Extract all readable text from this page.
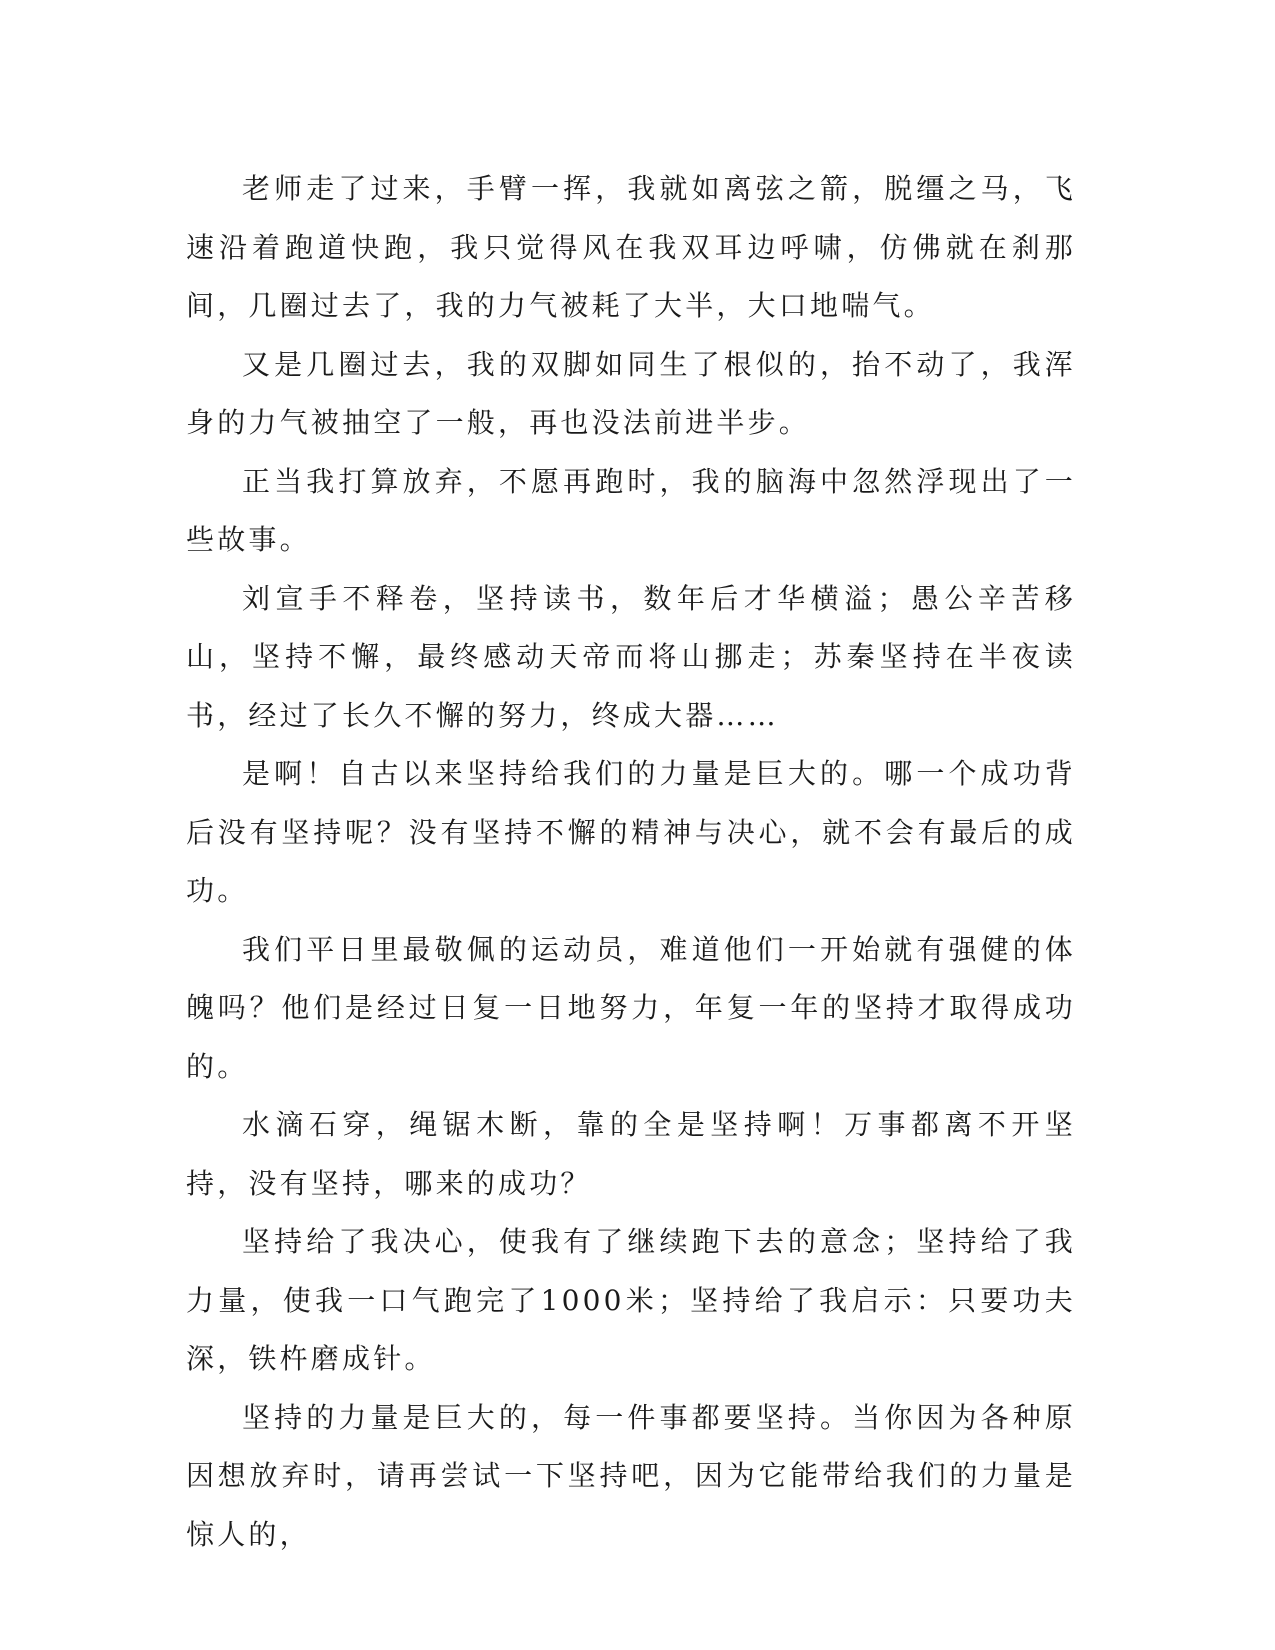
老师走了过来，手臂一挥，我就如离弦之箭，脱缰之马，飞速沿着跑道快跑，我只觉得风在我双耳边呼啸，仿佛就在刹那间，几圈过去了，我的力气被耗了大半，大口地喘气。

又是几圈过去，我的双脚如同生了根似的，抬不动了，我浑身的力气被抽空了一般，再也没法前进半步。

正当我打算放弃，不愿再跑时，我的脑海中忽然浮现出了一些故事。

刘宣手不释卷，坚持读书，数年后才华横溢；愚公辛苦移山，坚持不懈，最终感动天帝而将山挪走；苏秦坚持在半夜读书，经过了长久不懈的努力，终成大器……

是啊！自古以来坚持给我们的力量是巨大的。哪一个成功背后没有坚持呢？没有坚持不懈的精神与决心，就不会有最后的成功。

我们平日里最敬佩的运动员，难道他们一开始就有强健的体魄吗？他们是经过日复一日地努力，年复一年的坚持才取得成功的。

水滴石穿，绳锯木断，靠的全是坚持啊！万事都离不开坚持，没有坚持，哪来的成功？

坚持给了我决心，使我有了继续跑下去的意念；坚持给了我力量，使我一口气跑完了1000米；坚持给了我启示：只要功夫深，铁杵磨成针。

坚持的力量是巨大的，每一件事都要坚持。当你因为各种原因想放弃时，请再尝试一下坚持吧，因为它能带给我们的力量是惊人的，
